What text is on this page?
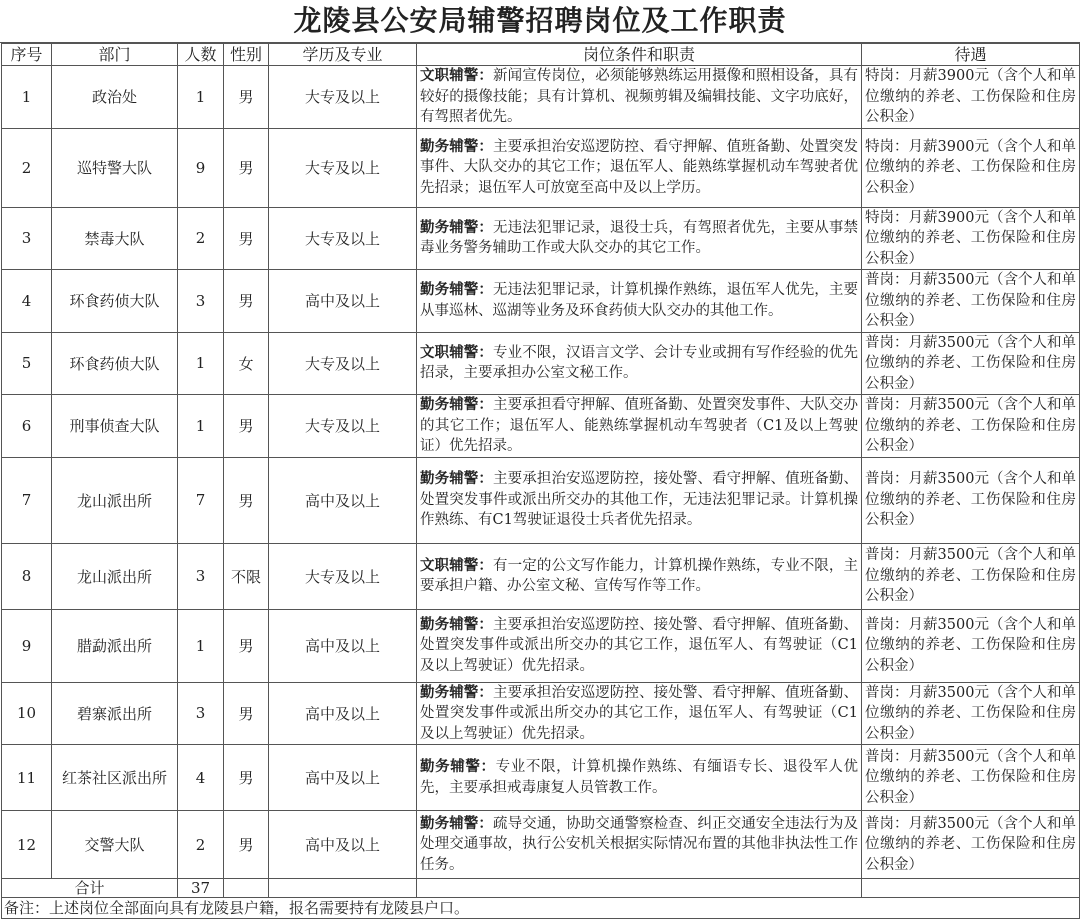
龙陵县公安局辅警招聘岗位及工作职责
序号	部门	人数	性别	学历及专业	岗位条件和职责	待遇
1	政治处	1	男	大专及以上	文职辅警：新闻宣传岗位，必须能够熟练运用摄像和照相设备，具有较好的摄像技能；具有计算机、视频剪辑及编辑技能、文字功底好，有驾照者优先。	特岗：月薪3900元（含个人和单位缴纳的养老、工伤保险和住房公积金）
2	巡特警大队	9	男	大专及以上	勤务辅警：主要承担治安巡逻防控、看守押解、值班备勤、处置突发事件、大队交办的其它工作；退伍军人、能熟练掌握机动车驾驶者优先招录；退伍军人可放宽至高中及以上学历。	特岗：月薪3900元（含个人和单位缴纳的养老、工伤保险和住房公积金）
3	禁毒大队	2	男	大专及以上	勤务辅警：无违法犯罪记录，退役士兵，有驾照者优先，主要从事禁毒业务警务辅助工作或大队交办的其它工作。	特岗：月薪3900元（含个人和单位缴纳的养老、工伤保险和住房公积金）
4	环食药侦大队	3	男	高中及以上	勤务辅警：无违法犯罪记录，计算机操作熟练，退伍军人优先，主要从事巡林、巡湖等业务及环食药侦大队交办的其他工作。	普岗：月薪3500元（含个人和单位缴纳的养老、工伤保险和住房公积金）
5	环食药侦大队	1	女	大专及以上	文职辅警：专业不限，汉语言文学、会计专业或拥有写作经验的优先招录，主要承担办公室文秘工作。	普岗：月薪3500元（含个人和单位缴纳的养老、工伤保险和住房公积金）
6	刑事侦查大队	1	男	大专及以上	勤务辅警：主要承担看守押解、值班备勤、处置突发事件、大队交办的其它工作；退伍军人、能熟练掌握机动车驾驶者（C1及以上驾驶证）优先招录。	普岗：月薪3500元（含个人和单位缴纳的养老、工伤保险和住房公积金）
7	龙山派出所	7	男	高中及以上	勤务辅警：主要承担治安巡逻防控，接处警、看守押解、值班备勤、处置突发事件或派出所交办的其他工作，无违法犯罪记录。计算机操作熟练、有C1驾驶证退役士兵者优先招录。	普岗：月薪3500元（含个人和单位缴纳的养老、工伤保险和住房公积金）
8	龙山派出所	3	不限	大专及以上	文职辅警：有一定的公文写作能力，计算机操作熟练，专业不限，主要承担户籍、办公室文秘、宣传写作等工作。	普岗：月薪3500元（含个人和单位缴纳的养老、工伤保险和住房公积金）
9	腊勐派出所	1	男	高中及以上	勤务辅警：主要承担治安巡逻防控、接处警、看守押解、值班备勤、处置突发事件或派出所交办的其它工作，退伍军人、有驾驶证（C1及以上驾驶证）优先招录。	普岗：月薪3500元（含个人和单位缴纳的养老、工伤保险和住房公积金）
10	碧寨派出所	3	男	高中及以上	勤务辅警：主要承担治安巡逻防控、接处警、看守押解、值班备勤、处置突发事件或派出所交办的其它工作，退伍军人、有驾驶证（C1及以上驾驶证）优先招录。	普岗：月薪3500元（含个人和单位缴纳的养老、工伤保险和住房公积金）
11	红茶社区派出所	4	男	高中及以上	勤务辅警：专业不限，计算机操作熟练、有缅语专长、退役军人优先，主要承担戒毒康复人员管教工作。	普岗：月薪3500元（含个人和单位缴纳的养老、工伤保险和住房公积金）
12	交警大队	2	男	高中及以上	勤务辅警：疏导交通，协助交通警察检查、纠正交通安全违法行为及处理交通事故，执行公安机关根据实际情况布置的其他非执法性工作任务。	普岗：月薪3500元（含个人和单位缴纳的养老、工伤保险和住房公积金）
合计		37				
备注：上述岗位全部面向具有龙陵县户籍，报名需要持有龙陵县户口。						
